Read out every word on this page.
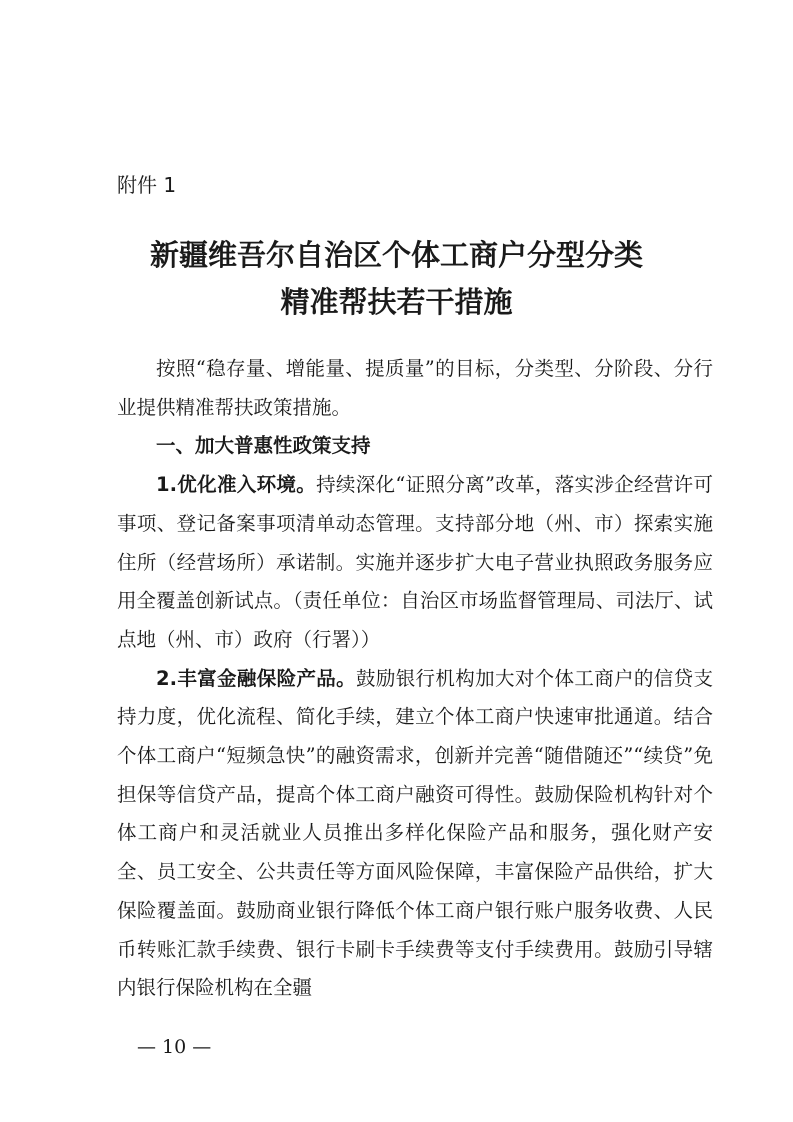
附件 1
新疆维吾尔自治区个体工商户分型分类
精准帮扶若干措施

按照“稳存量、增能量、提质量”的目标，分类型、分阶段、分行业提供精准帮扶政策措施。

一、加大普惠性政策支持

1.优化准入环境。持续深化“证照分离”改革，落实涉企经营许可事项、登记备案事项清单动态管理。支持部分地（州、市）探索实施住所（经营场所）承诺制。实施并逐步扩大电子营业执照政务服务应用全覆盖创新试点。（责任单位：自治区市场监督管理局、司法厅、试点地（州、市）政府（行署））

2.丰富金融保险产品。鼓励银行机构加大对个体工商户的信贷支持力度，优化流程、简化手续，建立个体工商户快速审批通道。结合个体工商户“短频急快”的融资需求，创新并完善“随借随还”“续贷”免担保等信贷产品，提高个体工商户融资可得性。鼓励保险机构针对个体工商户和灵活就业人员推出多样化保险产品和服务，强化财产安全、员工安全、公共责任等方面风险保障，丰富保险产品供给，扩大保险覆盖面。鼓励商业银行降低个体工商户银行账户服务收费、人民币转账汇款手续费、银行卡刷卡手续费等支付手续费用。鼓励引导辖内银行保险机构在全疆

— 10 —
